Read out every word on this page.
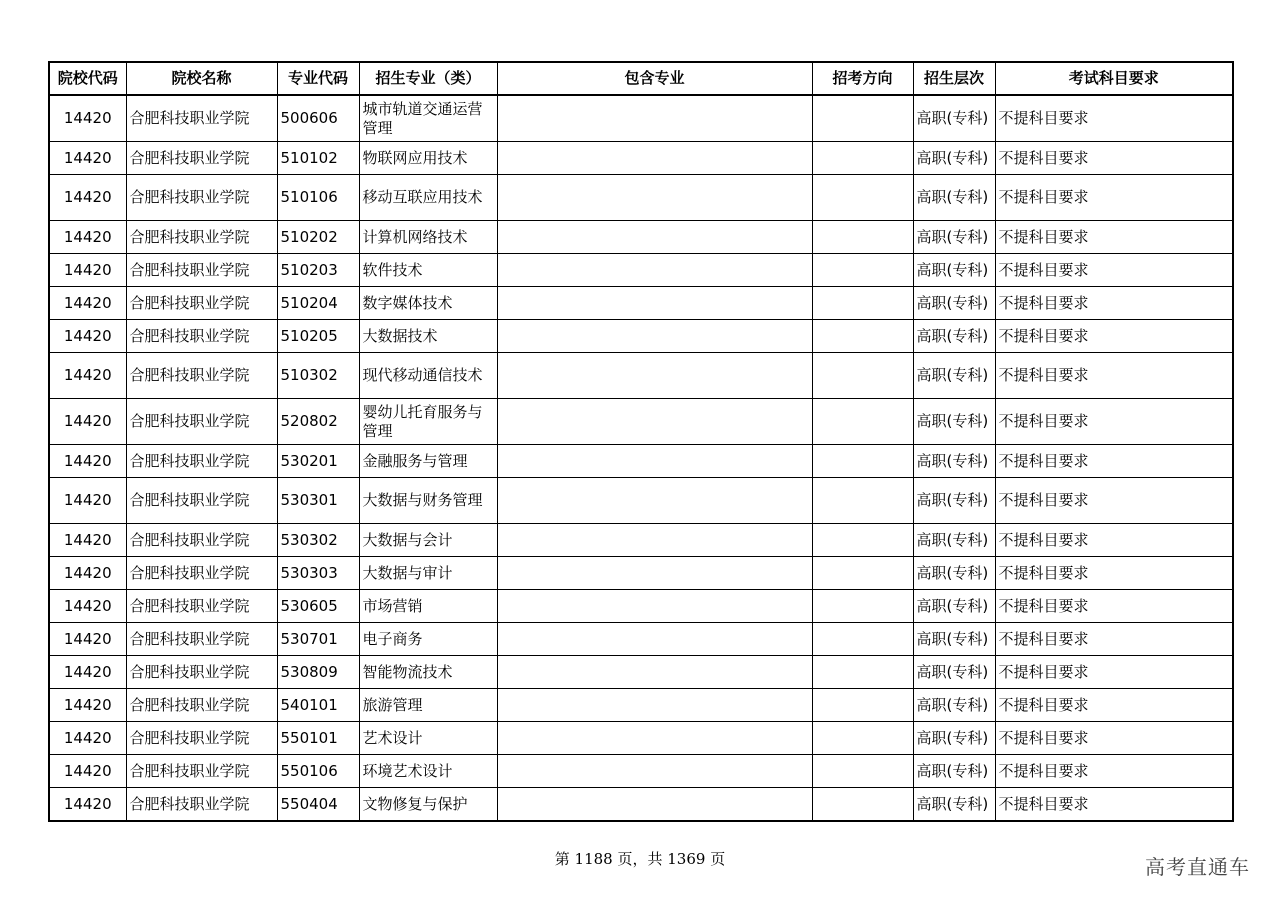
院校代码	院校名称	专业代码	招生专业（类）	包含专业	招考方向	招生层次	考试科目要求
14420	合肥科技职业学院	500606	城市轨道交通运营管理			高职(专科)	不提科目要求
14420	合肥科技职业学院	510102	物联网应用技术			高职(专科)	不提科目要求
14420	合肥科技职业学院	510106	移动互联应用技术			高职(专科)	不提科目要求
14420	合肥科技职业学院	510202	计算机网络技术			高职(专科)	不提科目要求
14420	合肥科技职业学院	510203	软件技术			高职(专科)	不提科目要求
14420	合肥科技职业学院	510204	数字媒体技术			高职(专科)	不提科目要求
14420	合肥科技职业学院	510205	大数据技术			高职(专科)	不提科目要求
14420	合肥科技职业学院	510302	现代移动通信技术			高职(专科)	不提科目要求
14420	合肥科技职业学院	520802	婴幼儿托育服务与管理			高职(专科)	不提科目要求
14420	合肥科技职业学院	530201	金融服务与管理			高职(专科)	不提科目要求
14420	合肥科技职业学院	530301	大数据与财务管理			高职(专科)	不提科目要求
14420	合肥科技职业学院	530302	大数据与会计			高职(专科)	不提科目要求
14420	合肥科技职业学院	530303	大数据与审计			高职(专科)	不提科目要求
14420	合肥科技职业学院	530605	市场营销			高职(专科)	不提科目要求
14420	合肥科技职业学院	530701	电子商务			高职(专科)	不提科目要求
14420	合肥科技职业学院	530809	智能物流技术			高职(专科)	不提科目要求
14420	合肥科技职业学院	540101	旅游管理			高职(专科)	不提科目要求
14420	合肥科技职业学院	550101	艺术设计			高职(专科)	不提科目要求
14420	合肥科技职业学院	550106	环境艺术设计			高职(专科)	不提科目要求
14420	合肥科技职业学院	550404	文物修复与保护			高职(专科)	不提科目要求
第 1188 页，共 1369 页	高考直通车
